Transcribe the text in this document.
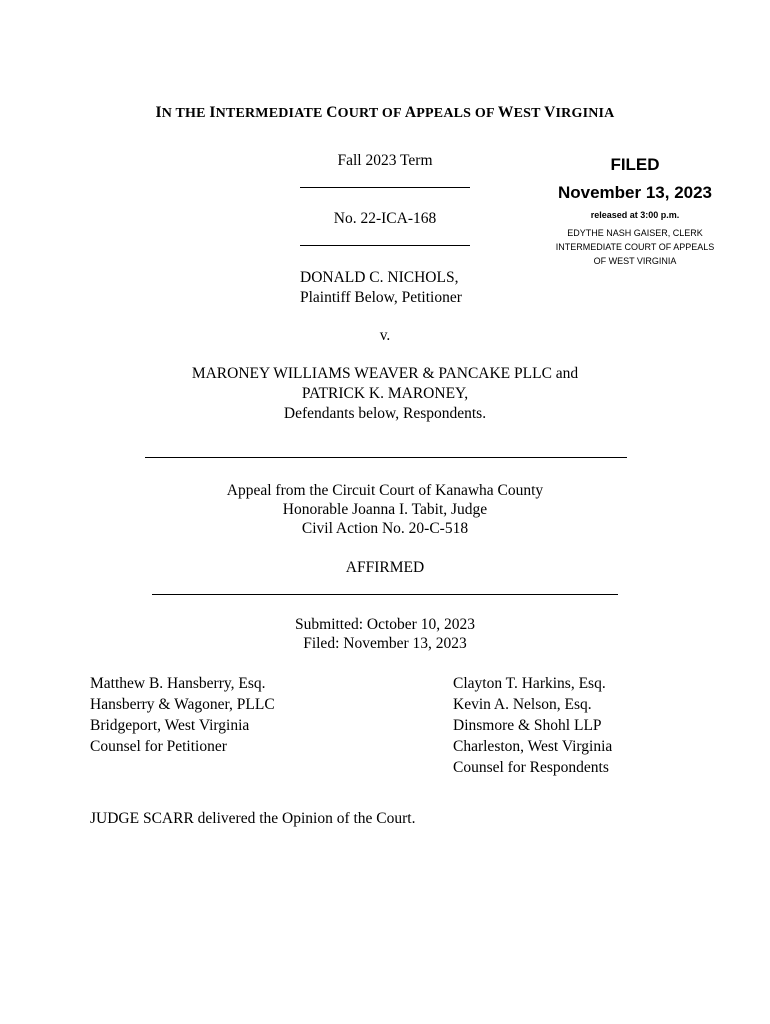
IN THE INTERMEDIATE COURT OF APPEALS OF WEST VIRGINIA
Fall 2023 Term
No. 22-ICA-168
DONALD C. NICHOLS,
Plaintiff Below, Petitioner
v.
MARONEY WILLIAMS WEAVER & PANCAKE PLLC and
PATRICK K. MARONEY,
Defendants below, Respondents.
FILED
November 13, 2023
released at 3:00 p.m.
EDYTHE NASH GAISER, CLERK
INTERMEDIATE COURT OF APPEALS
OF WEST VIRGINIA
Appeal from the Circuit Court of Kanawha County
Honorable Joanna I. Tabit, Judge
Civil Action No. 20-C-518
AFFIRMED
Submitted: October 10, 2023
Filed: November 13, 2023
Matthew B. Hansberry, Esq.
Hansberry & Wagoner, PLLC
Bridgeport, West Virginia
Counsel for Petitioner
Clayton T. Harkins, Esq.
Kevin A. Nelson, Esq.
Dinsmore & Shohl LLP
Charleston, West Virginia
Counsel for Respondents
JUDGE SCARR delivered the Opinion of the Court.
